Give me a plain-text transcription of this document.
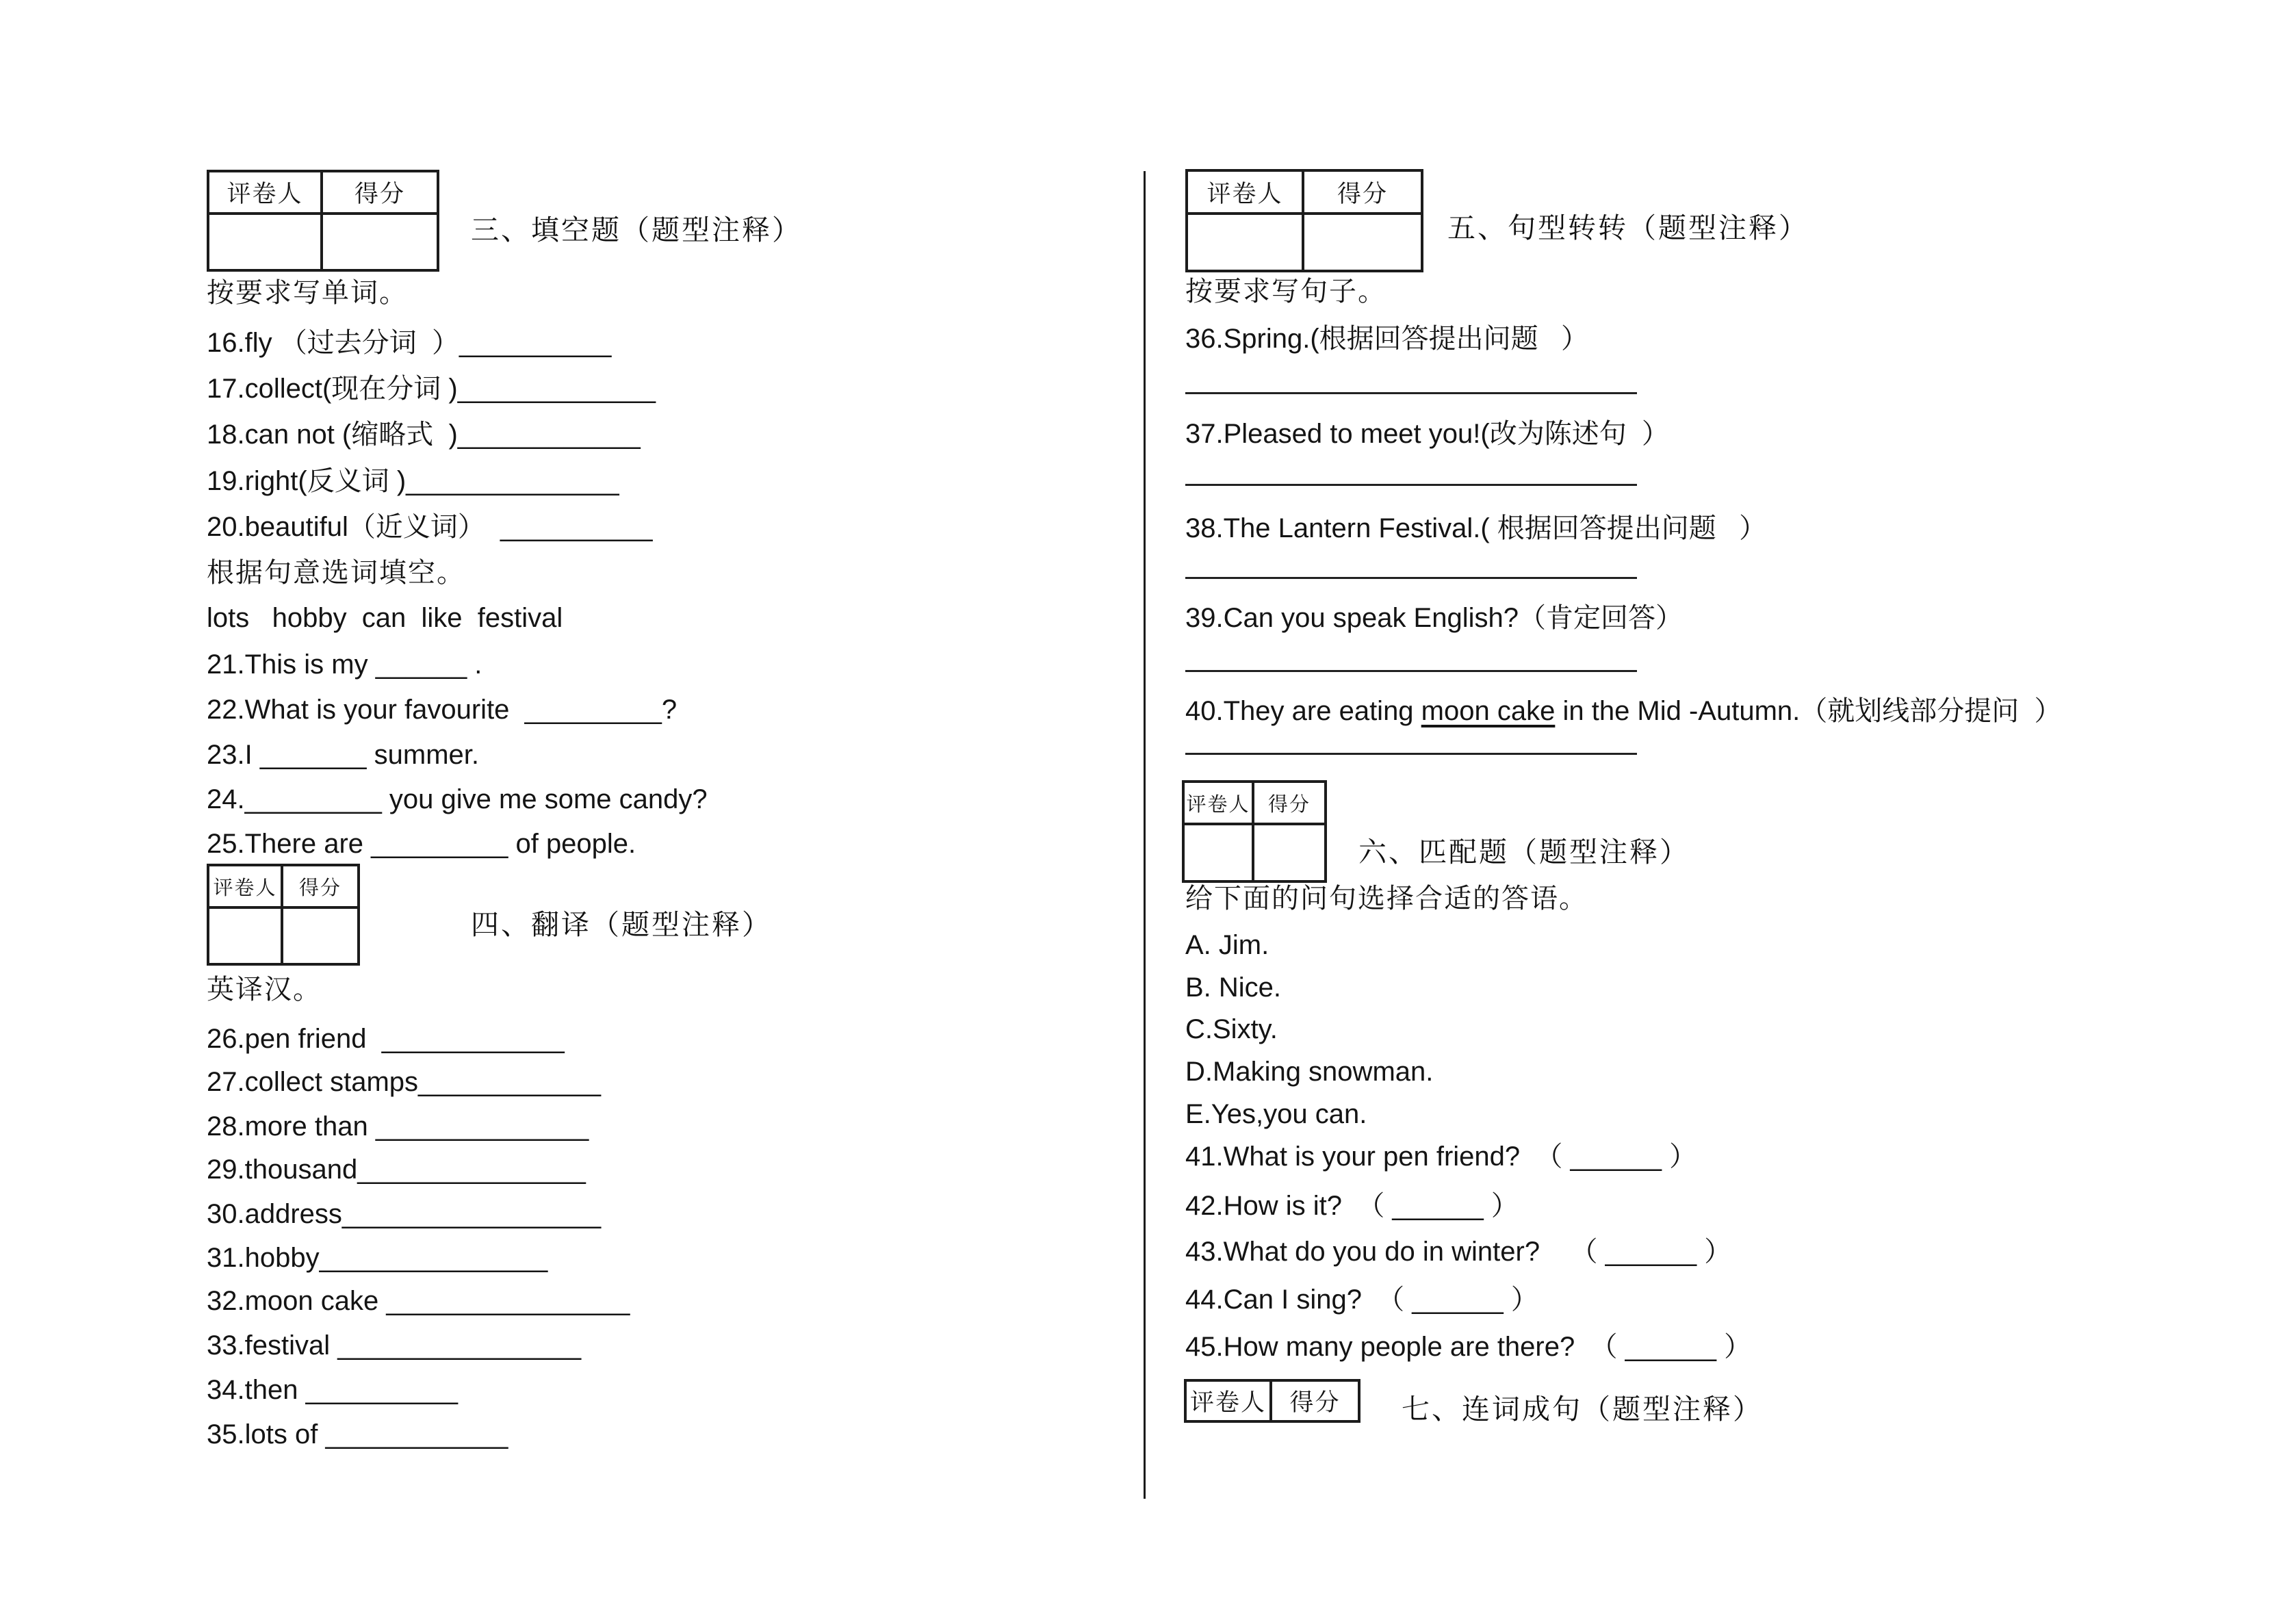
评卷人	得分
三、填空题（题型注释）
按要求写单词。
16.fly （过去分词  ）__________
17.collect(现在分词 )_____________
18.can not (缩略式  )____________
19.right(反义词 )______________
20.beautiful（近义词）  __________
根据句意选词填空。
lots   hobby  can  like  festival
21.This is my ______ .
22.What is your favourite  _________?
23.I _______ summer.
24._________ you give me some candy?
25.There are _________ of people.
评卷人	得分
四、翻译（题型注释）
英译汉。
26.pen friend  ____________
27.collect stamps____________
28.more than ______________
29.thousand_______________
30.address_________________
31.hobby_______________
32.moon cake ________________
33.festival ________________
34.then __________
35.lots of ____________
评卷人	得分
五、句型转转（题型注释）
按要求写句子。
36.Spring.(根据回答提出问题   ）
37.Pleased to meet you!(改为陈述句  ）
38.The Lantern Festival.( 根据回答提出问题   ）
39.Can you speak English?（肯定回答）
40.They are eating moon cake in the Mid -Autumn.（就划线部分提问  ）
评卷人 得分
六、匹配题（题型注释）
给下面的问句选择合适的答语。
A. Jim.
B. Nice.
C.Sixty.
D.Making snowman.
E.Yes,you can.
41.What is your pen friend?  （ ______ ）
42.How is it?  （ ______ ）
43.What do you do in winter?    （ ______ ）
44.Can I sing?  （ ______ ）
45.How many people are there?  （ ______ ）
评卷人 得分	七、连词成句（题型注释）
